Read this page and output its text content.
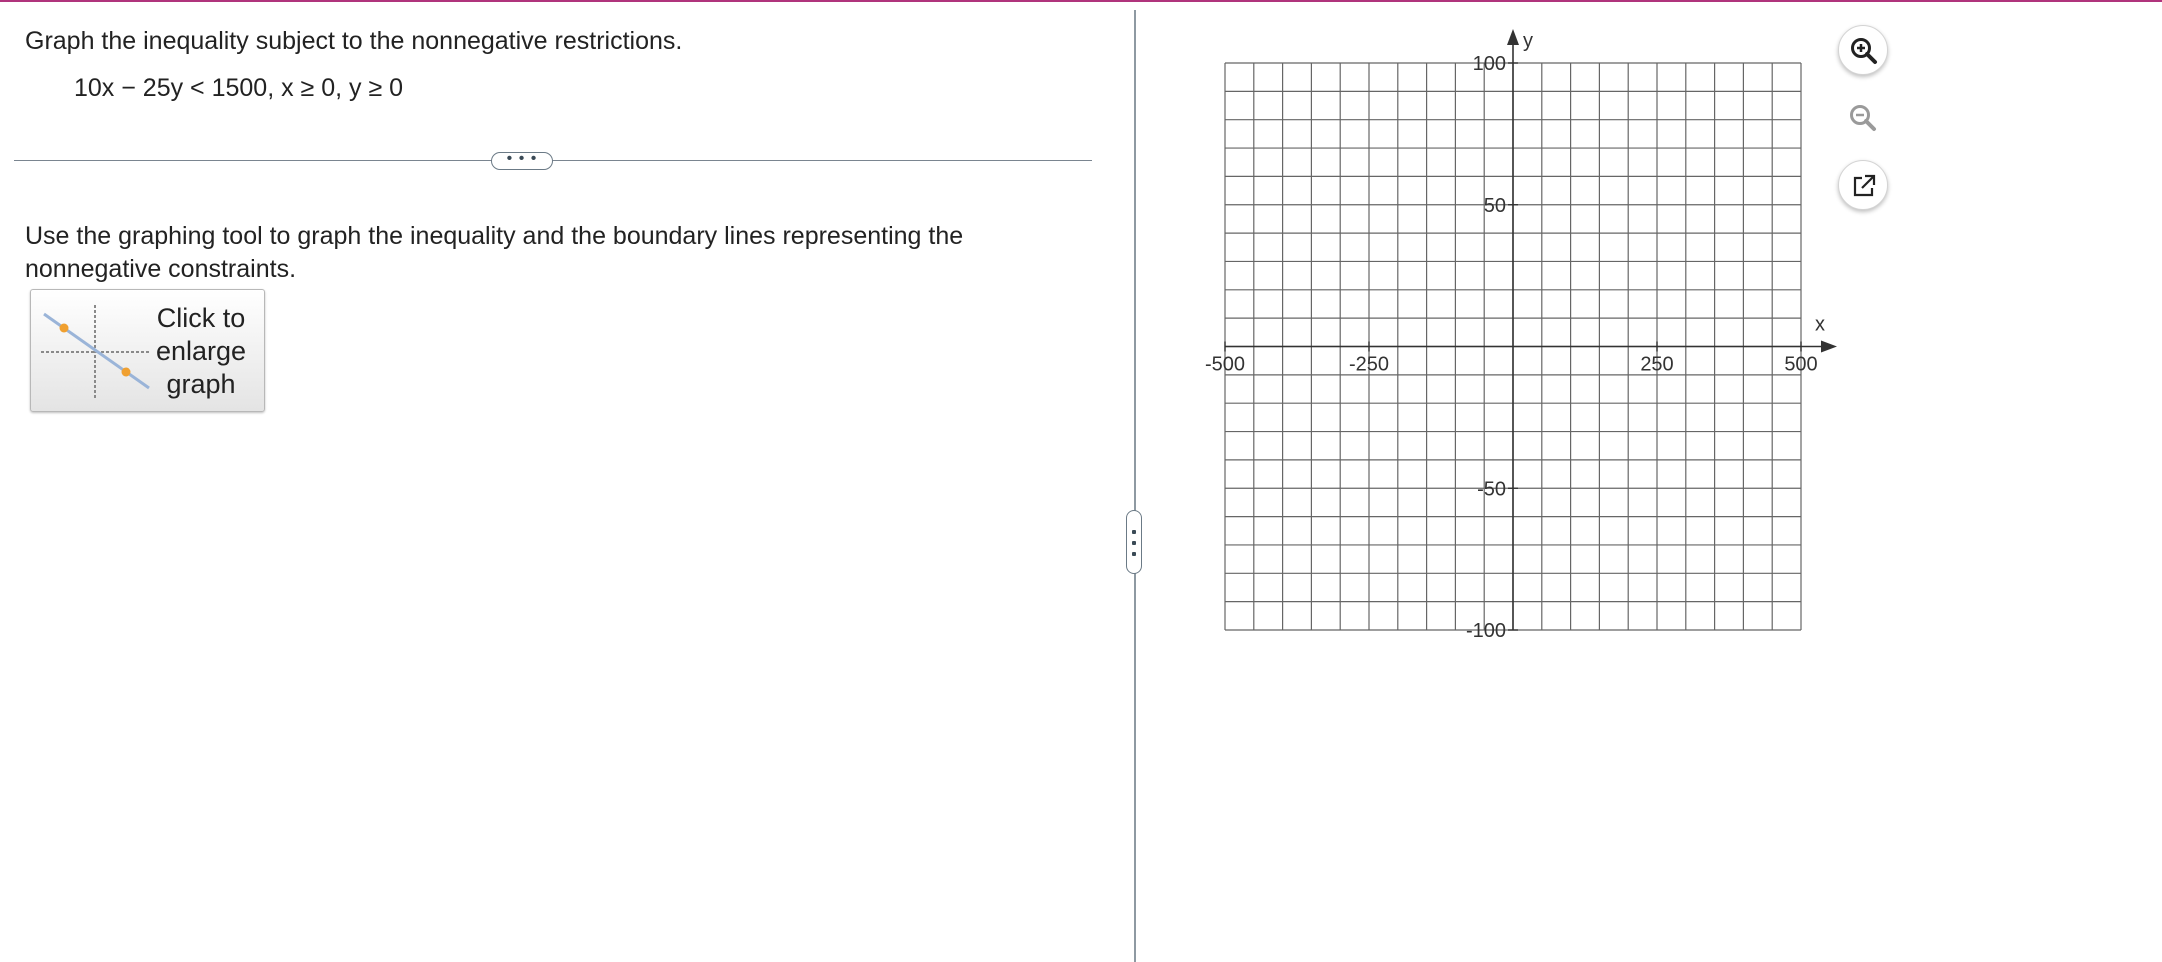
Graph the inequality subject to the nonnegative restrictions.
10x − 25y < 1500, x ≥ 0, y ≥ 0
• • •
Use the graphing tool to graph the inequality and the boundary lines representing the nonnegative constraints.
Click to enlarge graph
x
y
-500	-250	250	500
100
50
-50
-100
